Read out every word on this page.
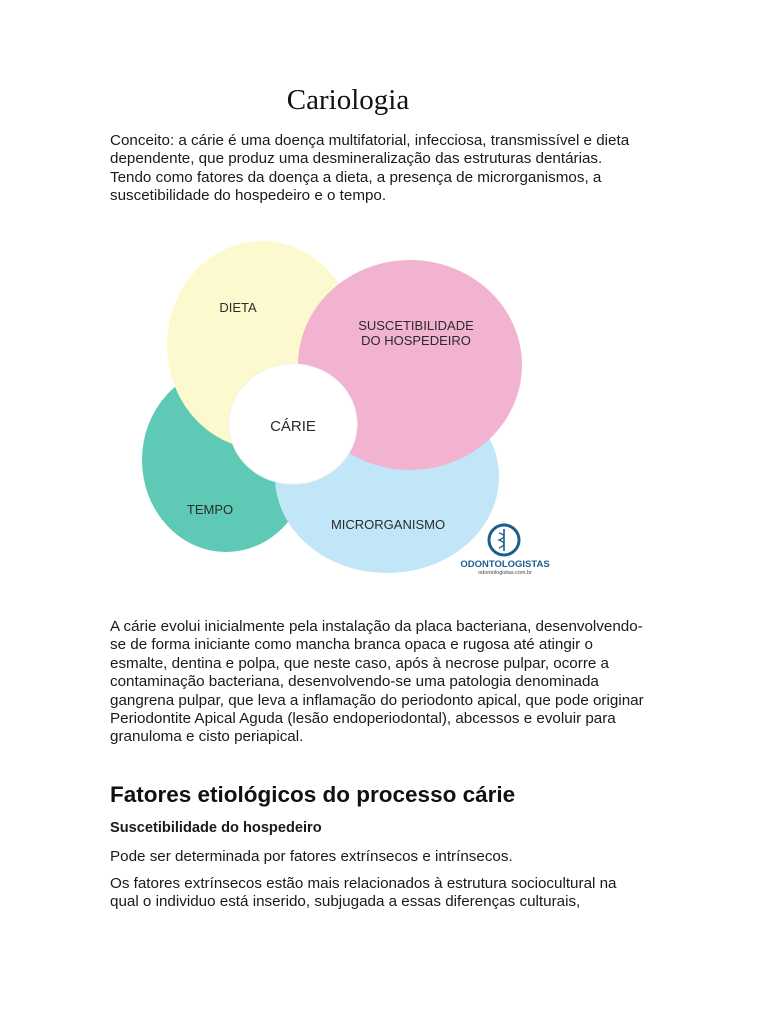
Cariologia

Conceito: a cárie é uma doença multifatorial, infecciosa, transmissível e dieta
dependente, que produz uma desmineralização das estruturas dentárias.
Tendo como fatores da doença a dieta, a presença de microrganismos, a
suscetibilidade do hospedeiro e o tempo.

DIETA
SUSCETIBILIDADE
DO HOSPEDEIRO
CÁRIE
TEMPO
MICRORGANISMO
ODONTOLOGISTAS
odontologistas.com.br

A cárie evolui inicialmente pela instalação da placa bacteriana, desenvolvendo-
se de forma iniciante como mancha branca opaca e rugosa até atingir o
esmalte, dentina e polpa, que neste caso, após à necrose pulpar, ocorre a
contaminação bacteriana, desenvolvendo-se uma patologia denominada
gangrena pulpar, que leva a inflamação do periodonto apical, que pode originar
Periodontite Apical Aguda (lesão endoperiodontal), abcessos e evoluir para
granuloma e cisto periapical.

Fatores etiológicos do processo cárie
Suscetibilidade do hospedeiro

Pode ser determinada por fatores extrínsecos e intrínsecos.

Os fatores extrínsecos estão mais relacionados à estrutura sociocultural na
qual o individuo está inserido, subjugada a essas diferenças culturais,
